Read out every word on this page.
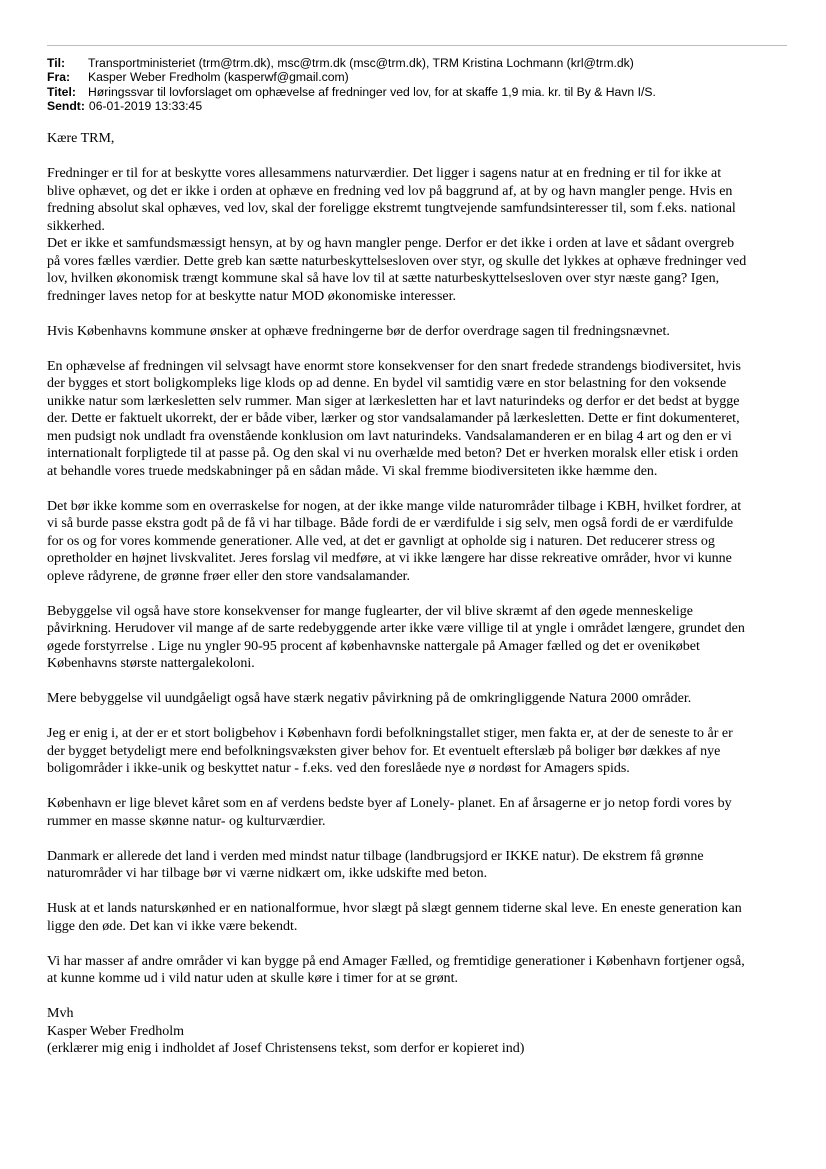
Til:	Transportministeriet (trm@trm.dk), msc@trm.dk (msc@trm.dk), TRM Kristina Lochmann (krl@trm.dk)
Fra:	Kasper Weber Fredholm (kasperwf@gmail.com)
Titel: Høringssvar til lovforslaget om ophævelse af fredninger ved lov, for at skaffe 1,9 mia. kr. til By & Havn I/S.
Sendt: 06-01-2019 13:33:45
Kære TRM,
Fredninger er til for at beskytte vores allesammens naturværdier. Det ligger i sagens natur at en fredning er til for ikke at
blive ophævet, og det er ikke i orden at ophæve en fredning ved lov på baggrund af, at by og havn mangler penge. Hvis en
fredning absolut skal ophæves, ved lov, skal der foreligge ekstremt tungtvejende samfundsinteresser til, som f.eks. national
sikkerhed.
Det er ikke et samfundsmæssigt hensyn, at by og havn mangler penge. Derfor er det ikke i orden at lave et sådant overgreb
på vores fælles værdier. Dette greb kan sætte naturbeskyttelsesloven over styr, og skulle det lykkes at ophæve fredninger ved
lov, hvilken økonomisk trængt kommune skal så have lov til at sætte naturbeskyttelsesloven over styr næste gang? Igen,
fredninger laves netop for at beskytte natur MOD økonomiske interesser.
Hvis Københavns kommune ønsker at ophæve fredningerne bør de derfor overdrage sagen til fredningsnævnet.
En ophævelse af fredningen vil selvsagt have enormt store konsekvenser for den snart fredede strandengs biodiversitet, hvis
der bygges et stort boligkompleks lige klods op ad denne. En bydel vil samtidig være en stor belastning for den voksende
unikke natur som lærkesletten selv rummer. Man siger at lærkesletten har et lavt naturindeks og derfor er det bedst at bygge
der. Dette er faktuelt ukorrekt, der er både viber, lærker og stor vandsalamander på lærkesletten. Dette er fint dokumenteret,
men pudsigt nok undladt fra ovenstående konklusion om lavt naturindeks. Vandsalamanderen er en bilag 4 art og den er vi
internationalt forpligtede til at passe på. Og den skal vi nu overhælde med beton? Det er hverken moralsk eller etisk i orden
at behandle vores truede medskabninger på en sådan måde. Vi skal fremme biodiversiteten ikke hæmme den.
Det bør ikke komme som en overraskelse for nogen, at der ikke mange vilde naturområder tilbage i KBH, hvilket fordrer, at
vi så burde passe ekstra godt på de få vi har tilbage. Både fordi de er værdifulde i sig selv, men også fordi de er værdifulde
for os og for vores kommende generationer. Alle ved, at det er gavnligt at opholde sig i naturen. Det reducerer stress og
opretholder en højnet livskvalitet. Jeres forslag vil medføre, at vi ikke længere har disse rekreative områder, hvor vi kunne
opleve rådyrene, de grønne frøer eller den store vandsalamander.
Bebyggelse vil også have store konsekvenser for mange fuglearter, der vil blive skræmt af den øgede menneskelige
påvirkning. Herudover vil mange af de sarte redebyggende arter ikke være villige til at yngle i området længere, grundet den
øgede forstyrrelse . Lige nu yngler 90-95 procent af københavnske nattergale på Amager fælled og det er ovenikøbet
Københavns største nattergalekoloni.
Mere bebyggelse vil uundgåeligt også have stærk negativ påvirkning på de omkringliggende Natura 2000 områder.
Jeg er enig i, at der er et stort boligbehov i København fordi befolkningstallet stiger, men fakta er, at der de seneste to år er
der bygget betydeligt mere end befolkningsvæksten giver behov for. Et eventuelt efterslæb på boliger bør dækkes af nye
boligområder i ikke-unik og beskyttet natur - f.eks. ved den foreslåede nye ø nordøst for Amagers spids.
København er lige blevet kåret som en af verdens bedste byer af Lonely- planet. En af årsagerne er jo netop fordi vores by
rummer en masse skønne natur- og kulturværdier.
Danmark er allerede det land i verden med mindst natur tilbage (landbrugsjord er IKKE natur). De ekstrem få grønne
naturområder vi har tilbage bør vi værne nidkært om, ikke udskifte med beton.
Husk at et lands naturskønhed er en nationalformue, hvor slægt på slægt gennem tiderne skal leve. En eneste generation kan
ligge den øde. Det kan vi ikke være bekendt.
Vi har masser af andre områder vi kan bygge på end Amager Fælled, og fremtidige generationer i København fortjener også,
at kunne komme ud i vild natur uden at skulle køre i timer for at se grønt.
Mvh
Kasper Weber Fredholm
(erklærer mig enig i indholdet af Josef Christensens tekst, som derfor er kopieret ind)
